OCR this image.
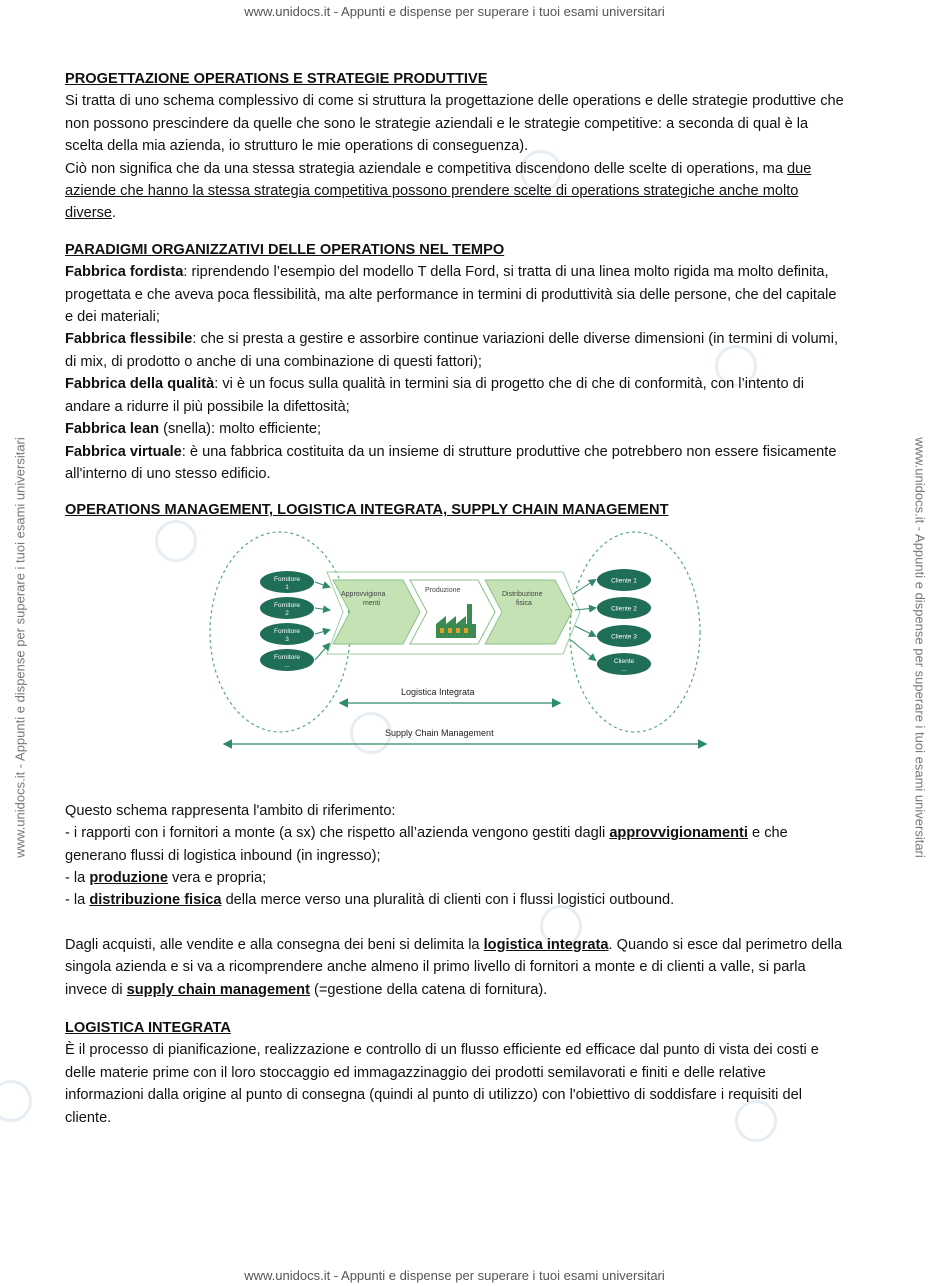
www.unidocs.it - Appunti e dispense per superare i tuoi esami universitari
www.unidocs.it - Appunti e dispense per superare i tuoi esami universitari	www.unidocs.it - Appunti e dispense per superare i tuoi esami universitari
PROGETTAZIONE OPERATIONS E STRATEGIE PRODUTTIVE

Si tratta di uno schema complessivo di come si struttura la progettazione delle operations e delle strategie produttive che non possono prescindere da quelle che sono le strategie aziendali e le strategie competitive: a seconda di qual è la scelta della mia azienda, io strutturo le mie operations di conseguenza).

Ciò non significa che da una stessa strategia aziendale e competitiva discendono delle scelte di operations, ma due aziende che hanno la stessa strategia competitiva possono prendere scelte di operations strategiche anche molto diverse.

PARADIGMI ORGANIZZATIVI DELLE OPERATIONS NEL TEMPO

Fabbrica fordista: riprendendo l’esempio del modello T della Ford, si tratta di una linea molto rigida ma molto definita, progettata e che aveva poca flessibilità, ma alte performance in termini di produttività sia delle persone, che del capitale e dei materiali;

Fabbrica flessibile: che si presta a gestire e assorbire continue variazioni delle diverse dimensioni (in termini di volumi, di mix, di prodotto o anche di una combinazione di questi fattori);

Fabbrica della qualità: vi è un focus sulla qualità in termini sia di progetto che di che di conformità, con l’intento di andare a ridurre il più possibile la difettosità;

Fabbrica lean (snella): molto efficiente;

Fabbrica virtuale: è una fabbrica costituita da un insieme di strutture produttive che potrebbero non essere fisicamente all'interno di uno stesso edificio.

OPERATIONS MANAGEMENT, LOGISTICA INTEGRATA, SUPPLY CHAIN MANAGEMENT
Fornitore
1
Fornitore
2
Fornitore
3
Fornitore
...
Cliente 1
Cliente 2
Cliente 3
Cliente
...
Approvvigiona
menti
Produzione
Distribuzione
fisica
Logistica Integrata
Supply Chain Management

Questo schema rappresenta l'ambito di riferimento:

- i rapporti con i fornitori a monte (a sx) che rispetto all’azienda vengono gestiti dagli approvvigionamenti e che generano flussi di logistica inbound (in ingresso);

- la produzione vera e propria;

- la distribuzione fisica della merce verso una pluralità di clienti con i flussi logistici outbound.

Dagli acquisti, alle vendite e alla consegna dei beni si delimita la logistica integrata. Quando si esce dal perimetro della singola azienda e si va a ricomprendere anche almeno il primo livello di fornitori a monte e di clienti a valle, si parla invece di supply chain management (=gestione della catena di fornitura).

LOGISTICA INTEGRATA

È il processo di pianificazione, realizzazione e controllo di un flusso efficiente ed efficace dal punto di vista dei costi e delle materie prime con il loro stoccaggio ed immagazzinaggio dei prodotti semilavorati e finiti e delle relative informazioni dalla origine al punto di consegna (quindi al punto di utilizzo) con l'obiettivo di soddisfare i requisiti del cliente.

www.unidocs.it - Appunti e dispense per superare i tuoi esami universitari
